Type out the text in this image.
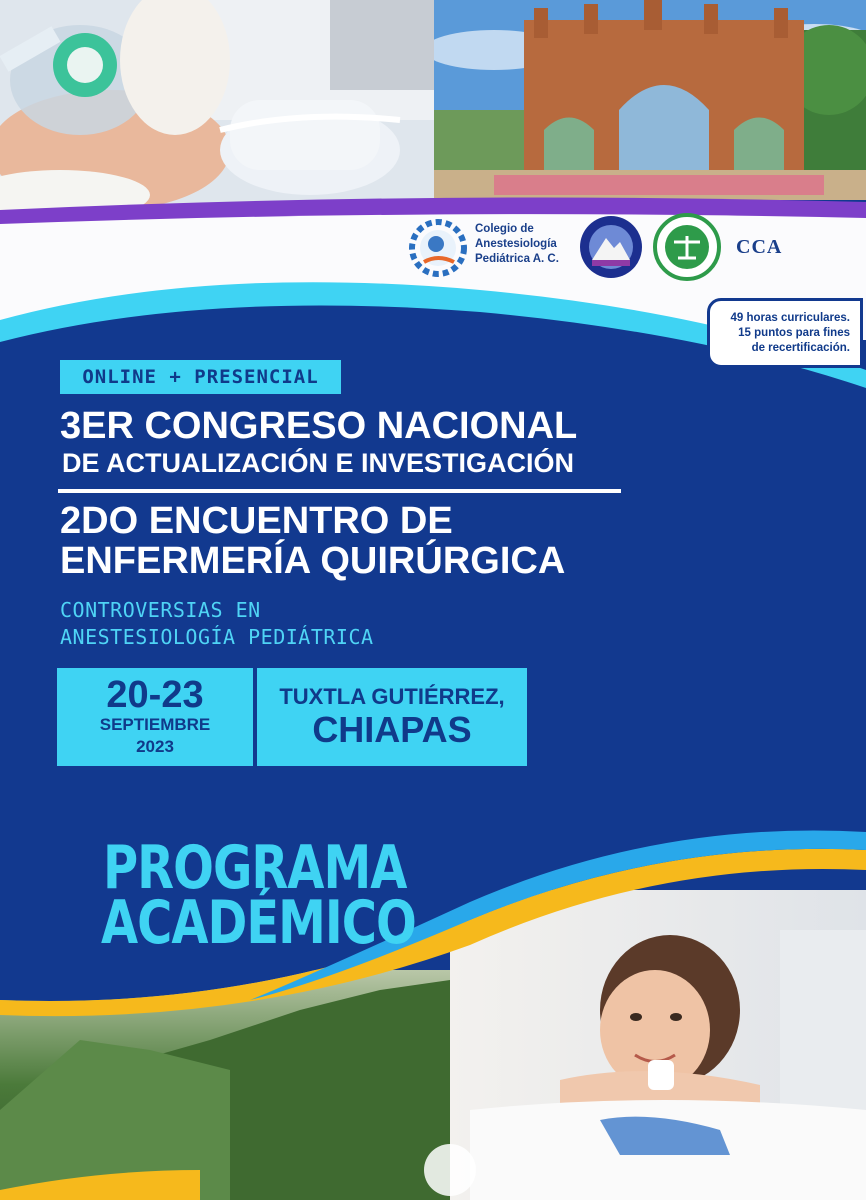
Colegio de
Anestesiología
Pediátrica A. C.
CCA
49 horas curriculares.
15 puntos para fines
de recertificación.
ONLINE + PRESENCIAL
3ER CONGRESO NACIONAL
DE ACTUALIZACIÓN E INVESTIGACIÓN
2DO ENCUENTRO DE
ENFERMERÍA QUIRÚRGICA
CONTROVERSIAS EN
ANESTESIOLOGÍA PEDIÁTRICA
20-23
SEPTIEMBRE
2023
TUXTLA GUTIÉRREZ,
CHIAPAS
PROGRAMA
ACADÉMICO
